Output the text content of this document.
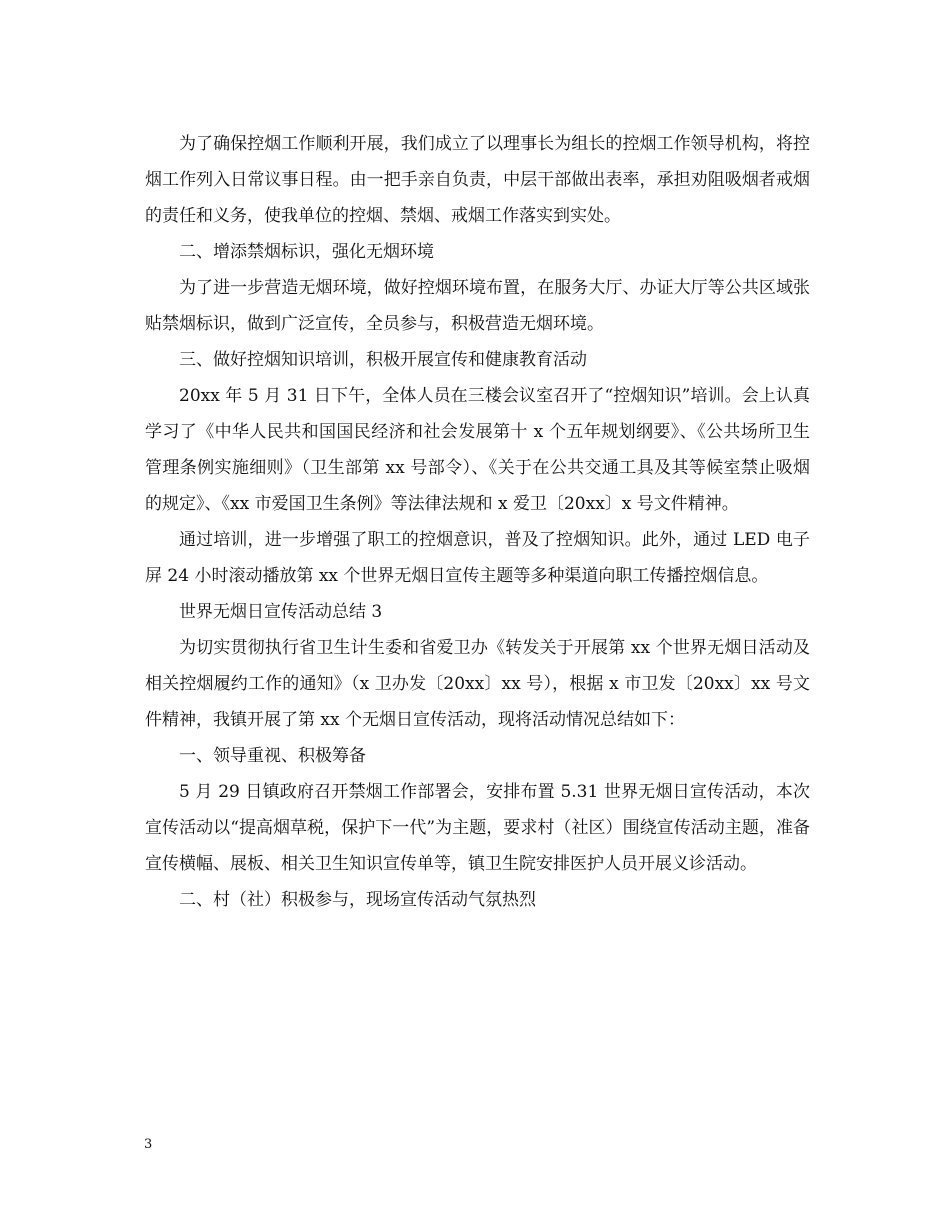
为了确保控烟工作顺利开展，我们成立了以理事长为组长的控烟工作领导机构，将控烟工作列入日常议事日程。由一把手亲自负责，中层干部做出表率，承担劝阻吸烟者戒烟的责任和义务，使我单位的控烟、禁烟、戒烟工作落实到实处。

二、增添禁烟标识，强化无烟环境

为了进一步营造无烟环境，做好控烟环境布置，在服务大厅、办证大厅等公共区域张贴禁烟标识，做到广泛宣传，全员参与，积极营造无烟环境。

三、做好控烟知识培训，积极开展宣传和健康教育活动

20xx 年 5 月 31 日下午，全体人员在三楼会议室召开了“控烟知识”培训。会上认真学习了《中华人民共和国国民经济和社会发展第十 x 个五年规划纲要》、《公共场所卫生管理条例实施细则》（卫生部第 xx 号部令）、《关于在公共交通工具及其等候室禁止吸烟的规定》、《xx 市爱国卫生条例》等法律法规和 x 爱卫〔20xx〕x 号文件精神。

通过培训，进一步增强了职工的控烟意识，普及了控烟知识。此外，通过 LED 电子屏 24 小时滚动播放第 xx 个世界无烟日宣传主题等多种渠道向职工传播控烟信息。

世界无烟日宣传活动总结 3

为切实贯彻执行省卫生计生委和省爱卫办《转发关于开展第 xx 个世界无烟日活动及相关控烟履约工作的通知》（x 卫办发〔20xx〕xx 号），根据 x 市卫发〔20xx〕xx 号文件精神，我镇开展了第 xx 个无烟日宣传活动，现将活动情况总结如下：

一、领导重视、积极筹备

5 月 29 日镇政府召开禁烟工作部署会，安排布置 5.31 世界无烟日宣传活动，本次宣传活动以“提高烟草税，保护下一代”为主题，要求村（社区）围绕宣传活动主题，准备宣传横幅、展板、相关卫生知识宣传单等，镇卫生院安排医护人员开展义诊活动。

二、村（社）积极参与，现场宣传活动气氛热烈

3
